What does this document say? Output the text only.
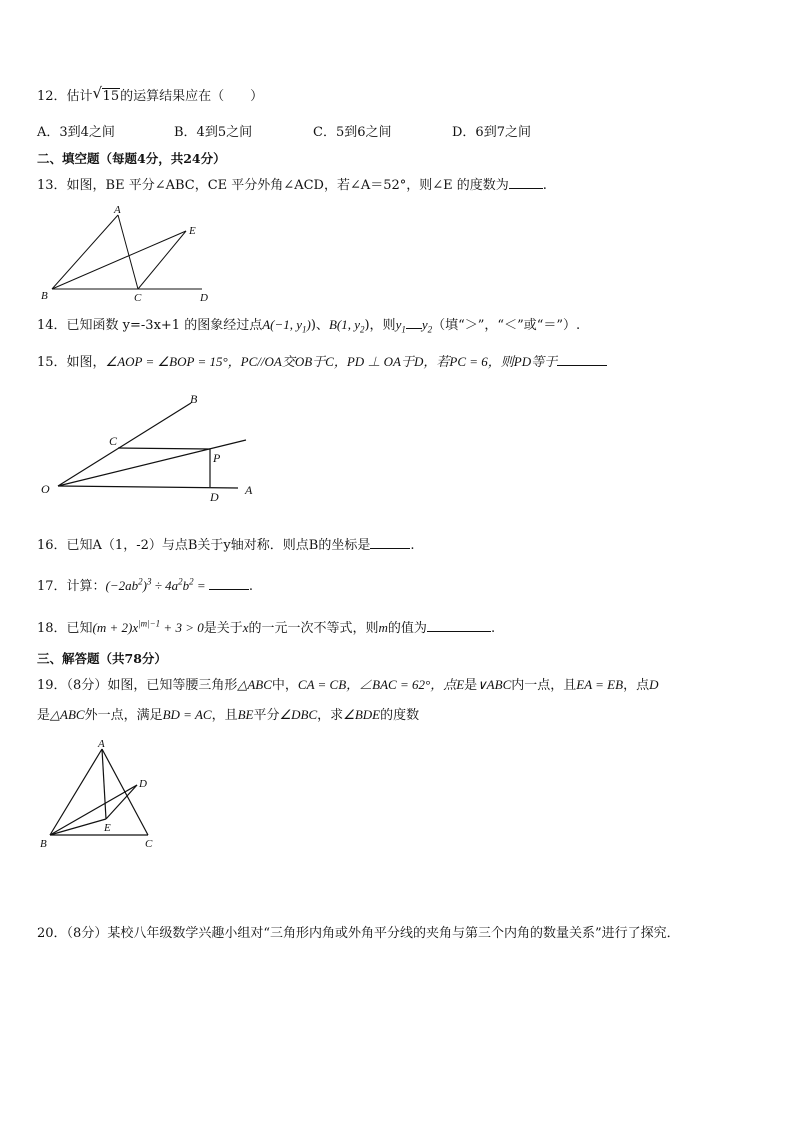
12．估计 √ 15的运算结果应在（　　）
A．3到4之间	B．4到5之间	C．5到6之间	D．6到7之间
二、填空题（每题4分，共24分）
13．如图，BE 平分∠ABC，CE 平分外角∠ACD，若∠A＝52°，则∠E 的度数为	.
A
B	C	D
E
14．已知函数 y=-3x+1 的图象经过点A(−1, $y_1$))、B(1, $y_2$)，则$y_1$ $y_2$（填“＞”，“＜”或“＝”）.
15．如图，∠AOP = ∠BOP = 15°，PC//OA交OB于C，PD ⊥ OA于D，若PC = 6，则PD等于
B
C
P
O
D A
16．已知A（1，-2）与点B关于y轴对称．则点B的坐标是	.
17．计算：$(-2ab^2)^3 \div 4a^2b^2$ =	.
18．已知$(m + 2)x^{|m|-1} + 3 > 0$是关于x的一元一次不等式，则m的值为	.
三、解答题（共78分）
19．（8分）如图，已知等腰三角形△ABC中，CA = CB，∠BAC = 62°，点E是∨ABC内一点，且EA = EB，点D
是△ABC外一点，满足BD = AC，且BE平分∠DBC，求∠BDE的度数
A
B	C
D
E
20．（8分）某校八年级数学兴趣小组对“三角形内角或外角平分线的夹角与第三个内角的数量关系”进行了探究．
